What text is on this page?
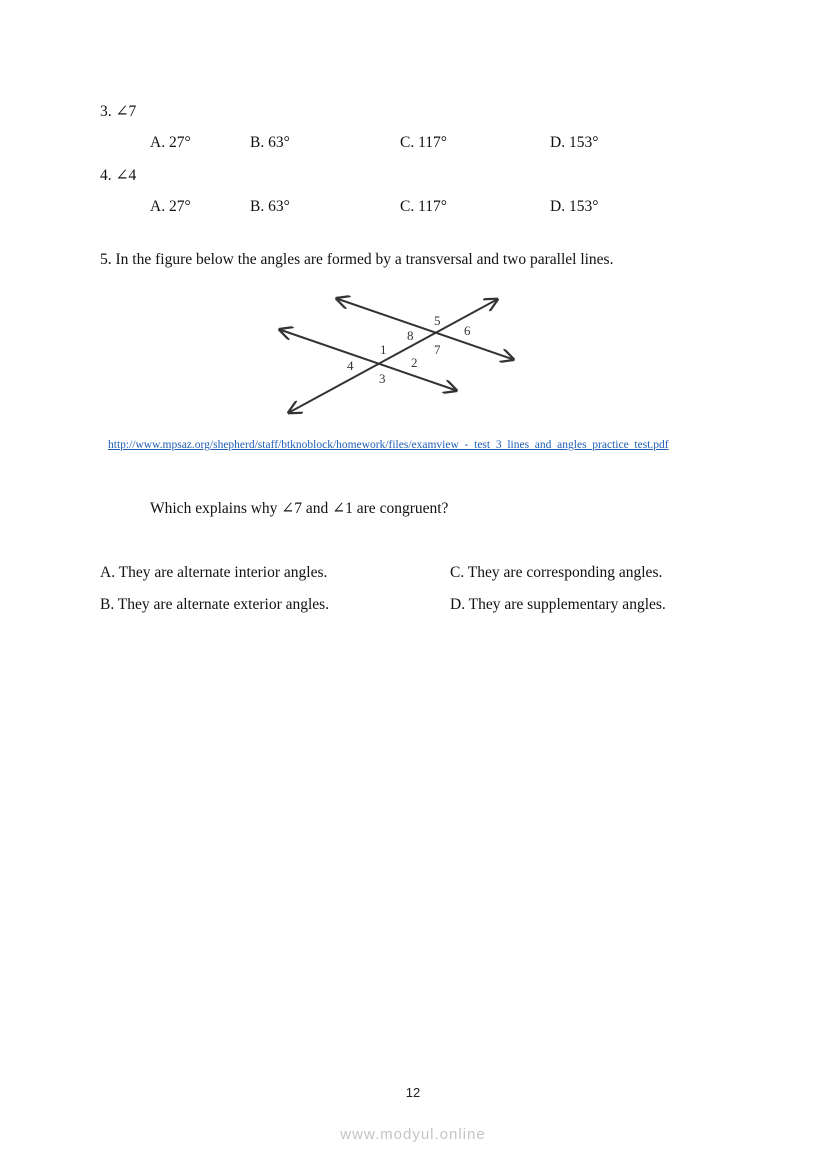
3. ∠7
A. 27°	B. 63°	C. 117°	D. 153°
4. ∠4
A. 27°	B. 63°	C. 117°	D. 153°
5. In the figure below the angles are formed by a transversal and two parallel lines.
1
2
3
4
5
6
7
8
http://www.mpsaz.org/shepherd/staff/btknoblock/homework/files/examview_-_test_3_lines_and_angles_practice_test.pdf
Which explains why ∠7 and ∠1 are congruent?
A. They are alternate interior angles.
B. They are alternate exterior angles.
C. They are corresponding angles.
D. They are supplementary angles.
12
www.modyul.online
